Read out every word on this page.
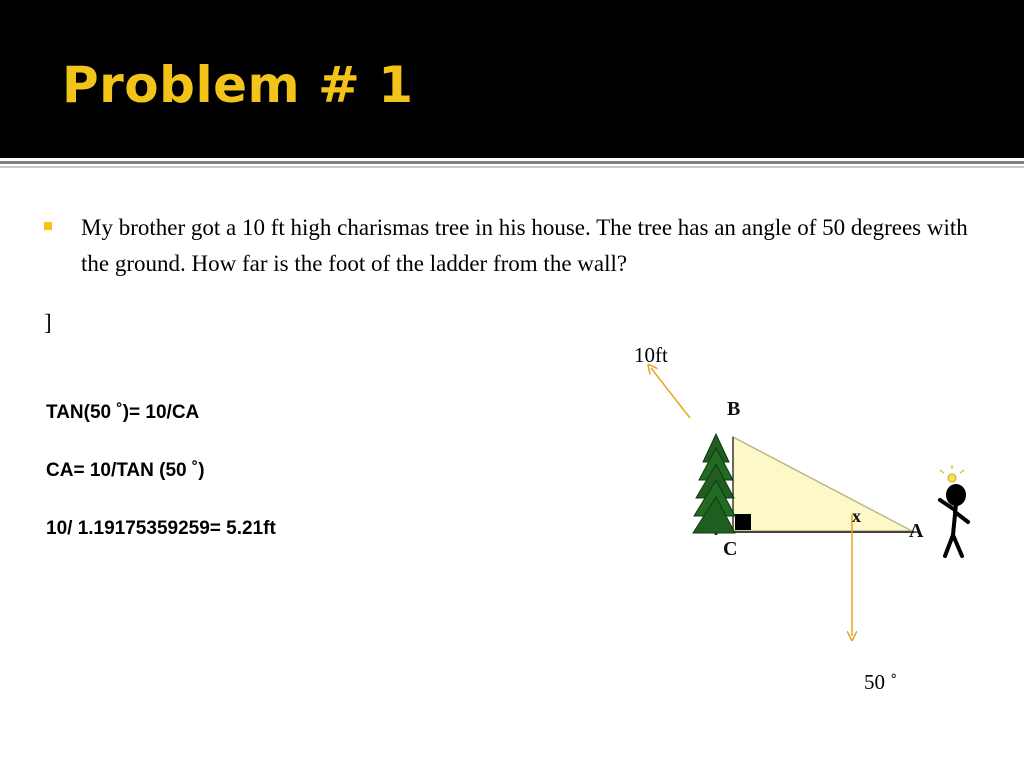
Problem # 1
My brother got a 10 ft high charismas tree in his house. The tree has an angle of 50 degrees with the ground. How far is the foot of the ladder from the wall?
]
TAN(50 ˚)= 10/CA
CA= 10/TAN (50 ˚)
10/ 1.19175359259= 5.21ft
10ft
50 ˚
B
C
A
x
